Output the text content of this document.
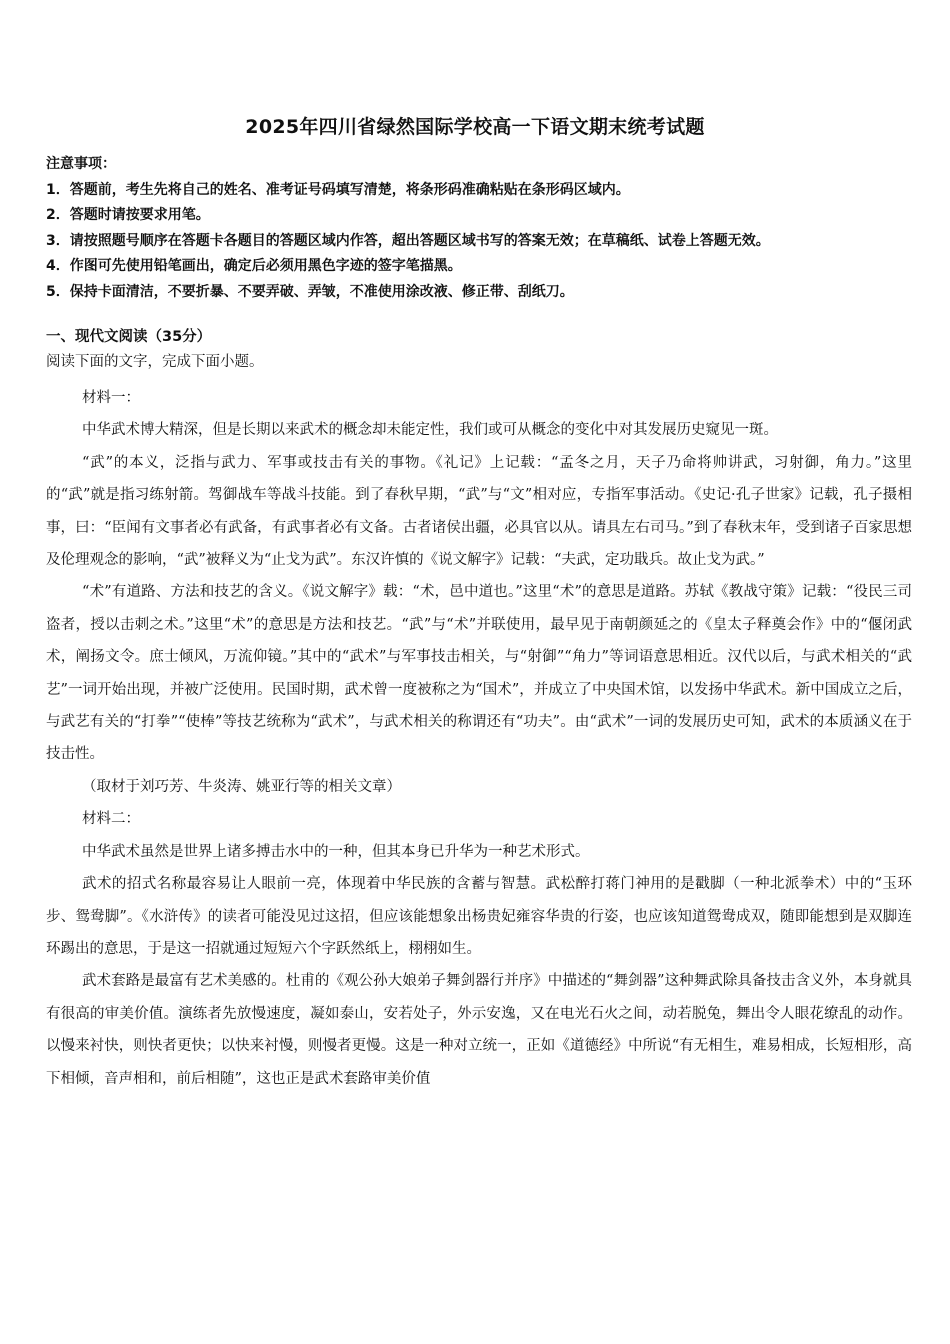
2025年四川省绿然国际学校高一下语文期末统考试题
注意事项：
1．答题前，考生先将自己的姓名、准考证号码填写清楚，将条形码准确粘贴在条形码区域内。
2．答题时请按要求用笔。
3．请按照题号顺序在答题卡各题目的答题区域内作答，超出答题区域书写的答案无效；在草稿纸、试卷上答题无效。
4．作图可先使用铅笔画出，确定后必须用黑色字迹的签字笔描黑。
5．保持卡面清洁，不要折暴、不要弄破、弄皱，不准使用涂改液、修正带、刮纸刀。
一、现代文阅读（35分）
阅读下面的文字，完成下面小题。

材料一：

中华武术博大精深，但是长期以来武术的概念却未能定性，我们或可从概念的变化中对其发展历史窥见一斑。

“武”的本义，泛指与武力、军事或技击有关的事物。《礼记》上记载：“孟冬之月，天子乃命将帅讲武，习射御，角力。”这里的“武”就是指习练射箭。驾御战车等战斗技能。到了春秋早期，“武”与“文”相对应，专指军事活动。《史记·孔子世家》记载，孔子摄相事，曰：“臣闻有文事者必有武备，有武事者必有文备。古者诸侯出疆，必具官以从。请具左右司马。”到了春秋末年，受到诸子百家思想及伦理观念的影响，“武”被释义为“止戈为武”。东汉许慎的《说文解字》记载：“夫武，定功戢兵。故止戈为武。”

“术”有道路、方法和技艺的含义。《说文解字》载：“术，邑中道也。”这里“术”的意思是道路。苏轼《教战守策》记载：“役民三司盗者，授以击刺之术。”这里“术”的意思是方法和技艺。“武”与“术”并联使用，最早见于南朝颜延之的《皇太子释奠会作》中的“偃闭武术，阐扬文令。庶士倾风，万流仰镜。”其中的“武术”与军事技击相关，与“射御”“角力”等词语意思相近。汉代以后，与武术相关的“武艺”一词开始出现，并被广泛使用。民国时期，武术曾一度被称之为“国术”，并成立了中央国术馆，以发扬中华武术。新中国成立之后，与武艺有关的“打拳”“使棒”等技艺统称为“武术”，与武术相关的称谓还有“功夫”。由“武术”一词的发展历史可知，武术的本质涵义在于技击性。

（取材于刘巧芳、牛炎涛、姚亚行等的相关文章）

材料二：

中华武术虽然是世界上诸多搏击水中的一种，但其本身已升华为一种艺术形式。

武术的招式名称最容易让人眼前一亮，体现着中华民族的含蓄与智慧。武松醉打蒋门神用的是戳脚（一种北派拳术）中的“玉环步、鸳鸯脚”。《水浒传》的读者可能没见过这招，但应该能想象出杨贵妃雍容华贵的行姿，也应该知道鸳鸯成双，随即能想到是双脚连环踢出的意思，于是这一招就通过短短六个字跃然纸上，栩栩如生。

武术套路是最富有艺术美感的。杜甫的《观公孙大娘弟子舞剑器行并序》中描述的“舞剑器”这种舞武除具备技击含义外，本身就具有很高的审美价值。演练者先放慢速度，凝如泰山，安若处子，外示安逸，又在电光石火之间，动若脱兔，舞出令人眼花缭乱的动作。以慢来衬快，则快者更快；以快来衬慢，则慢者更慢。这是一种对立统一，正如《道德经》中所说“有无相生，难易相成，长短相形，高下相倾，音声相和，前后相随”，这也正是武术套路审美价值
